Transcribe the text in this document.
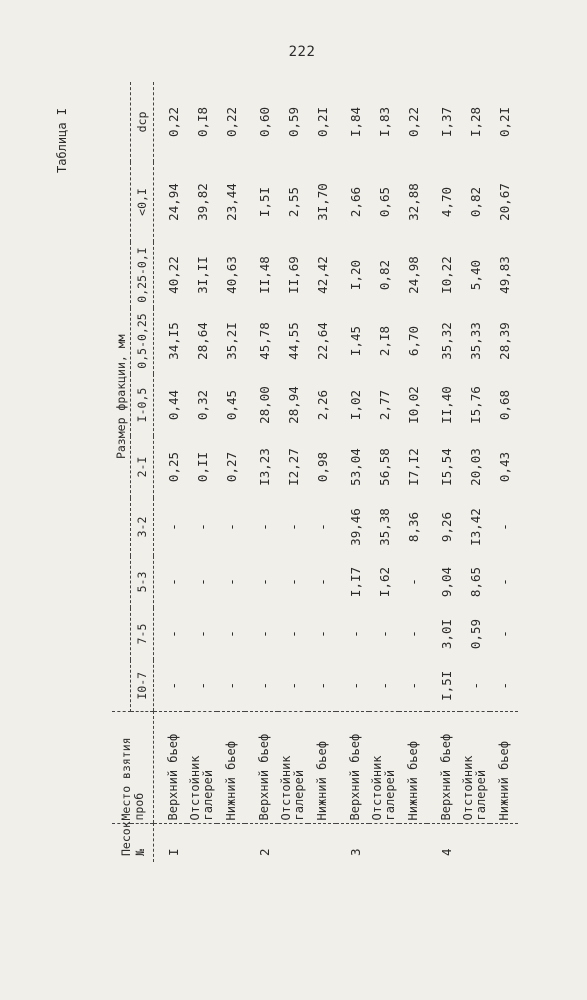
222
Таблица I
Песок №	Место взятия проб	Размер фракции, мм									
		I0-7	7-5	5-3	3-2	2-I	I-0,5	0,5-0,25	0,25-0,I	<0,I	dср
I	Верхний бьеф	-	-	-	-	0,25	0,44	34,I5	40,22	24,94	0,22
	Отстойник галерей	-	-	-	-	0,II	0,32	28,64	3I,II	39,82	0,I8
	Нижний бьеф	-	-	-	-	0,27	0,45	35,2I	40,63	23,44	0,22
2	Верхний бьеф	-	-	-	-	I3,23	28,00	45,78	II,48	I,5I	0,60
	Отстойник галерей	-	-	-	-	I2,27	28,94	44,55	II,69	2,55	0,59
	Нижний бьеф	-	-	-	-	0,98	2,26	22,64	42,42	3I,70	0,2I
3	Верхний бьеф	-	-	I,I7	39,46	53,04	I,02	I,45	I,20	2,66	I,84
	Отстойник галерей	-	-	I,62	35,38	56,58	2,77	2,I8	0,82	0,65	I,83
	Нижний бьеф	-	-	-	8,36	I7,I2	I0,02	6,70	24,98	32,88	0,22
4	Верхний бьеф	I,5I	3,0I	9,04	9,26	I5,54	II,40	35,32	I0,22	4,70	I,37
	Отстойник галерей	-	0,59	8,65	I3,42	20,03	I5,76	35,33	5,40	0,82	I,28
	Нижний бьеф	-	-	-	-	0,43	0,68	28,39	49,83	20,67	0,2I
